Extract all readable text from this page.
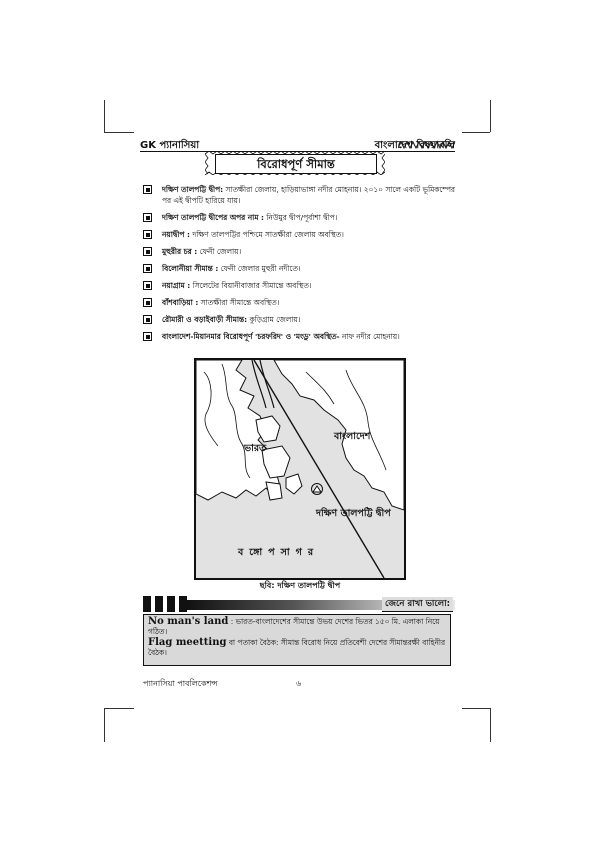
GK প্যানাসিয়া	বাংলাদেশ বিষয়াবলি
বিরোধপূর্ণ সীমান্ত
দক্ষিণ তালপট্টি দ্বীপ: সাতক্ষীরা জেলায়, হাড়িয়াভাঙ্গা নদীর মোহনায়। ২০১০ সালে একটি ভূমিকম্পের পর এই দ্বীপটি হারিয়ে যায়।
দক্ষিণ তালপট্টি দ্বীপের অপর নাম : নিউমুর দ্বীপ/পূর্বাশা দ্বীপ।
নয়াদ্বীপ : দক্ষিণ তালপট্টির পশ্চিমে সাতক্ষীরা জেলায় অবস্থিত।
মুহুরীর চর : ফেনী জেলায়।
বিলোনীয়া সীমান্ত : ফেনী জেলার মুহুরী নদীতে।
নয়াগ্রাম : সিলেটের বিয়ানীবাজার সীমান্তে অবস্থিত।
বাঁশবাড়িয়া : সাতক্ষীরা সীমান্তে অবস্থিত।
রৌমারী ও বড়াইবাড়ী সীমান্ত: কুড়িগ্রাম জেলায়।
বাংলাদেশ-মিয়ানমার বিরোধপূর্ণ 'চরফরিদ' ও 'মংডু' অবস্থিত- নাফ নদীর মোহনায়।
ভারত
বাংলাদেশ
দক্ষিণ তালপট্টি দ্বীপ
বঙ্গোপসাগর
ছবি: দক্ষিণ তালপট্টি দ্বীপ
জেনে রাখা ভালো:
No man's land : ভারত-বাংলাদেশের সীমান্তে উভয় দেশের ভিতর ১৫০ মি. এলাকা নিয়ে গঠিত।
Flag meetting বা পতাকা বৈঠক: সীমান্ত বিরোধ নিয়ে প্রতিবেশী দেশের সীমান্তরক্ষী বাহিনীর বৈঠক।
প্যানাসিয়া পাবলিকেশন্স	৬
